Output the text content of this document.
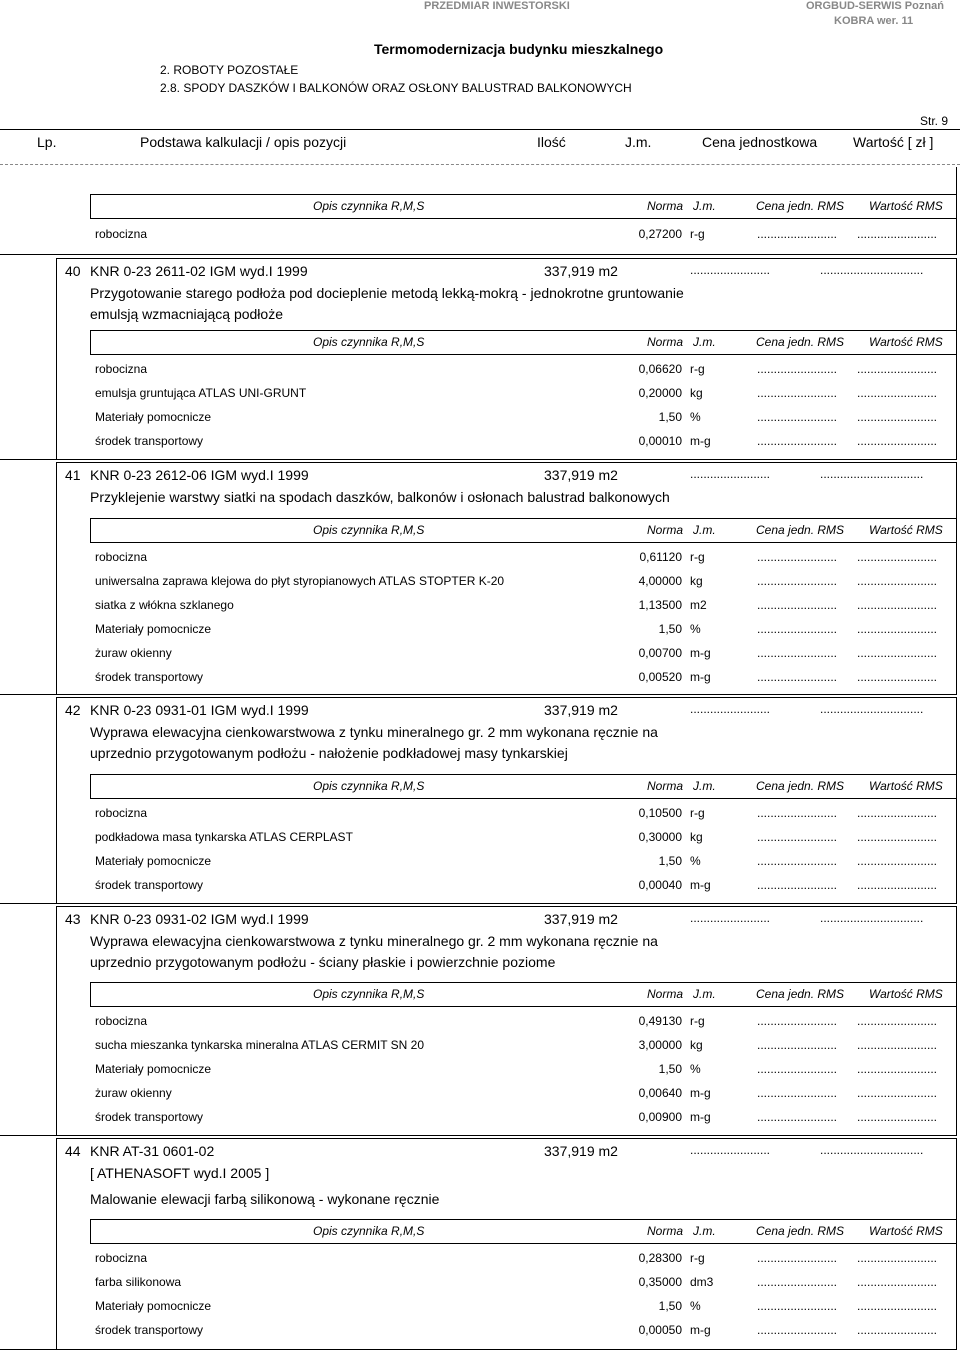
PRZEDMIAR INWESTORSKI	ORGBUD-SERWIS Poznań
KOBRA wer. 11
Termomodernizacja budynku mieszkalnego
2. ROBOTY POZOSTAŁE
2.8. SPODY DASZKÓW I BALKONÓW ORAZ OSŁONY BALUSTRAD BALKONOWYCH
Str. 9
Lp.	Podstawa kalkulacji / opis pozycji	Ilość	J.m.	Cena jednostkowa	Wartość [ zł ]
Opis czynnika R,M,S	Norma J.m.	Cena jedn. RMS Wartość RMS
robocizna	0,27200 r-g	........................ ........................
40 KNR 0-23 2611-02 IGM wyd.I 1999	337,919 m2	........................	...............................
Przygotowanie starego podłoża pod docieplenie metodą lekką-mokrą - jednokrotne gruntowanie
emulsją wzmacniającą podłoże
Opis czynnika R,M,S	Norma J.m.	Cena jedn. RMS Wartość RMS
robocizna	0,06620 r-g	........................ ........................
emulsja gruntująca ATLAS UNI-GRUNT	0,20000 kg	........................ ........................
Materiały pomocnicze	1,50 %	........................ ........................
środek transportowy	0,00010 m-g	........................ ........................
41 KNR 0-23 2612-06 IGM wyd.I 1999	337,919 m2	........................	...............................
Przyklejenie warstwy siatki na spodach daszków, balkonów i osłonach balustrad balkonowych
Opis czynnika R,M,S	Norma J.m.	Cena jedn. RMS Wartość RMS
robocizna	0,61120 r-g	........................ ........................
uniwersalna zaprawa klejowa do płyt styropianowych ATLAS STOPTER K-20	4,00000 kg	........................ ........................
siatka z włókna szklanego	1,13500 m2	........................ ........................
Materiały pomocnicze	1,50 %	........................ ........................
żuraw okienny	0,00700 m-g	........................ ........................
środek transportowy	0,00520 m-g	........................ ........................
42 KNR 0-23 0931-01 IGM wyd.I 1999	337,919 m2	........................	...............................
Wyprawa elewacyjna cienkowarstwowa z tynku mineralnego gr. 2 mm wykonana ręcznie na
uprzednio przygotowanym podłożu - nałożenie podkładowej masy tynkarskiej
Opis czynnika R,M,S	Norma J.m.	Cena jedn. RMS Wartość RMS
robocizna	0,10500 r-g	........................ ........................
podkładowa masa tynkarska ATLAS CERPLAST	0,30000 kg	........................ ........................
Materiały pomocnicze	1,50 %	........................ ........................
środek transportowy	0,00040 m-g	........................ ........................
43 KNR 0-23 0931-02 IGM wyd.I 1999	337,919 m2	........................	...............................
Wyprawa elewacyjna cienkowarstwowa z tynku mineralnego gr. 2 mm wykonana ręcznie na
uprzednio przygotowanym podłożu - ściany płaskie i powierzchnie poziome
Opis czynnika R,M,S	Norma J.m.	Cena jedn. RMS Wartość RMS
robocizna	0,49130 r-g	........................ ........................
sucha mieszanka tynkarska mineralna ATLAS CERMIT SN 20	3,00000 kg	........................ ........................
Materiały pomocnicze	1,50 %	........................ ........................
żuraw okienny	0,00640 m-g	........................ ........................
środek transportowy	0,00900 m-g	........................ ........................
44 KNR AT-31 0601-02	337,919 m2	........................	...............................
[ ATHENASOFT wyd.I 2005 ]
Malowanie elewacji farbą silikonową - wykonane ręcznie
Opis czynnika R,M,S	Norma J.m.	Cena jedn. RMS Wartość RMS
robocizna	0,28300 r-g	........................ ........................
farba silikonowa	0,35000 dm3	........................ ........................
Materiały pomocnicze	1,50 %	........................ ........................
środek transportowy	0,00050 m-g	........................ ........................
